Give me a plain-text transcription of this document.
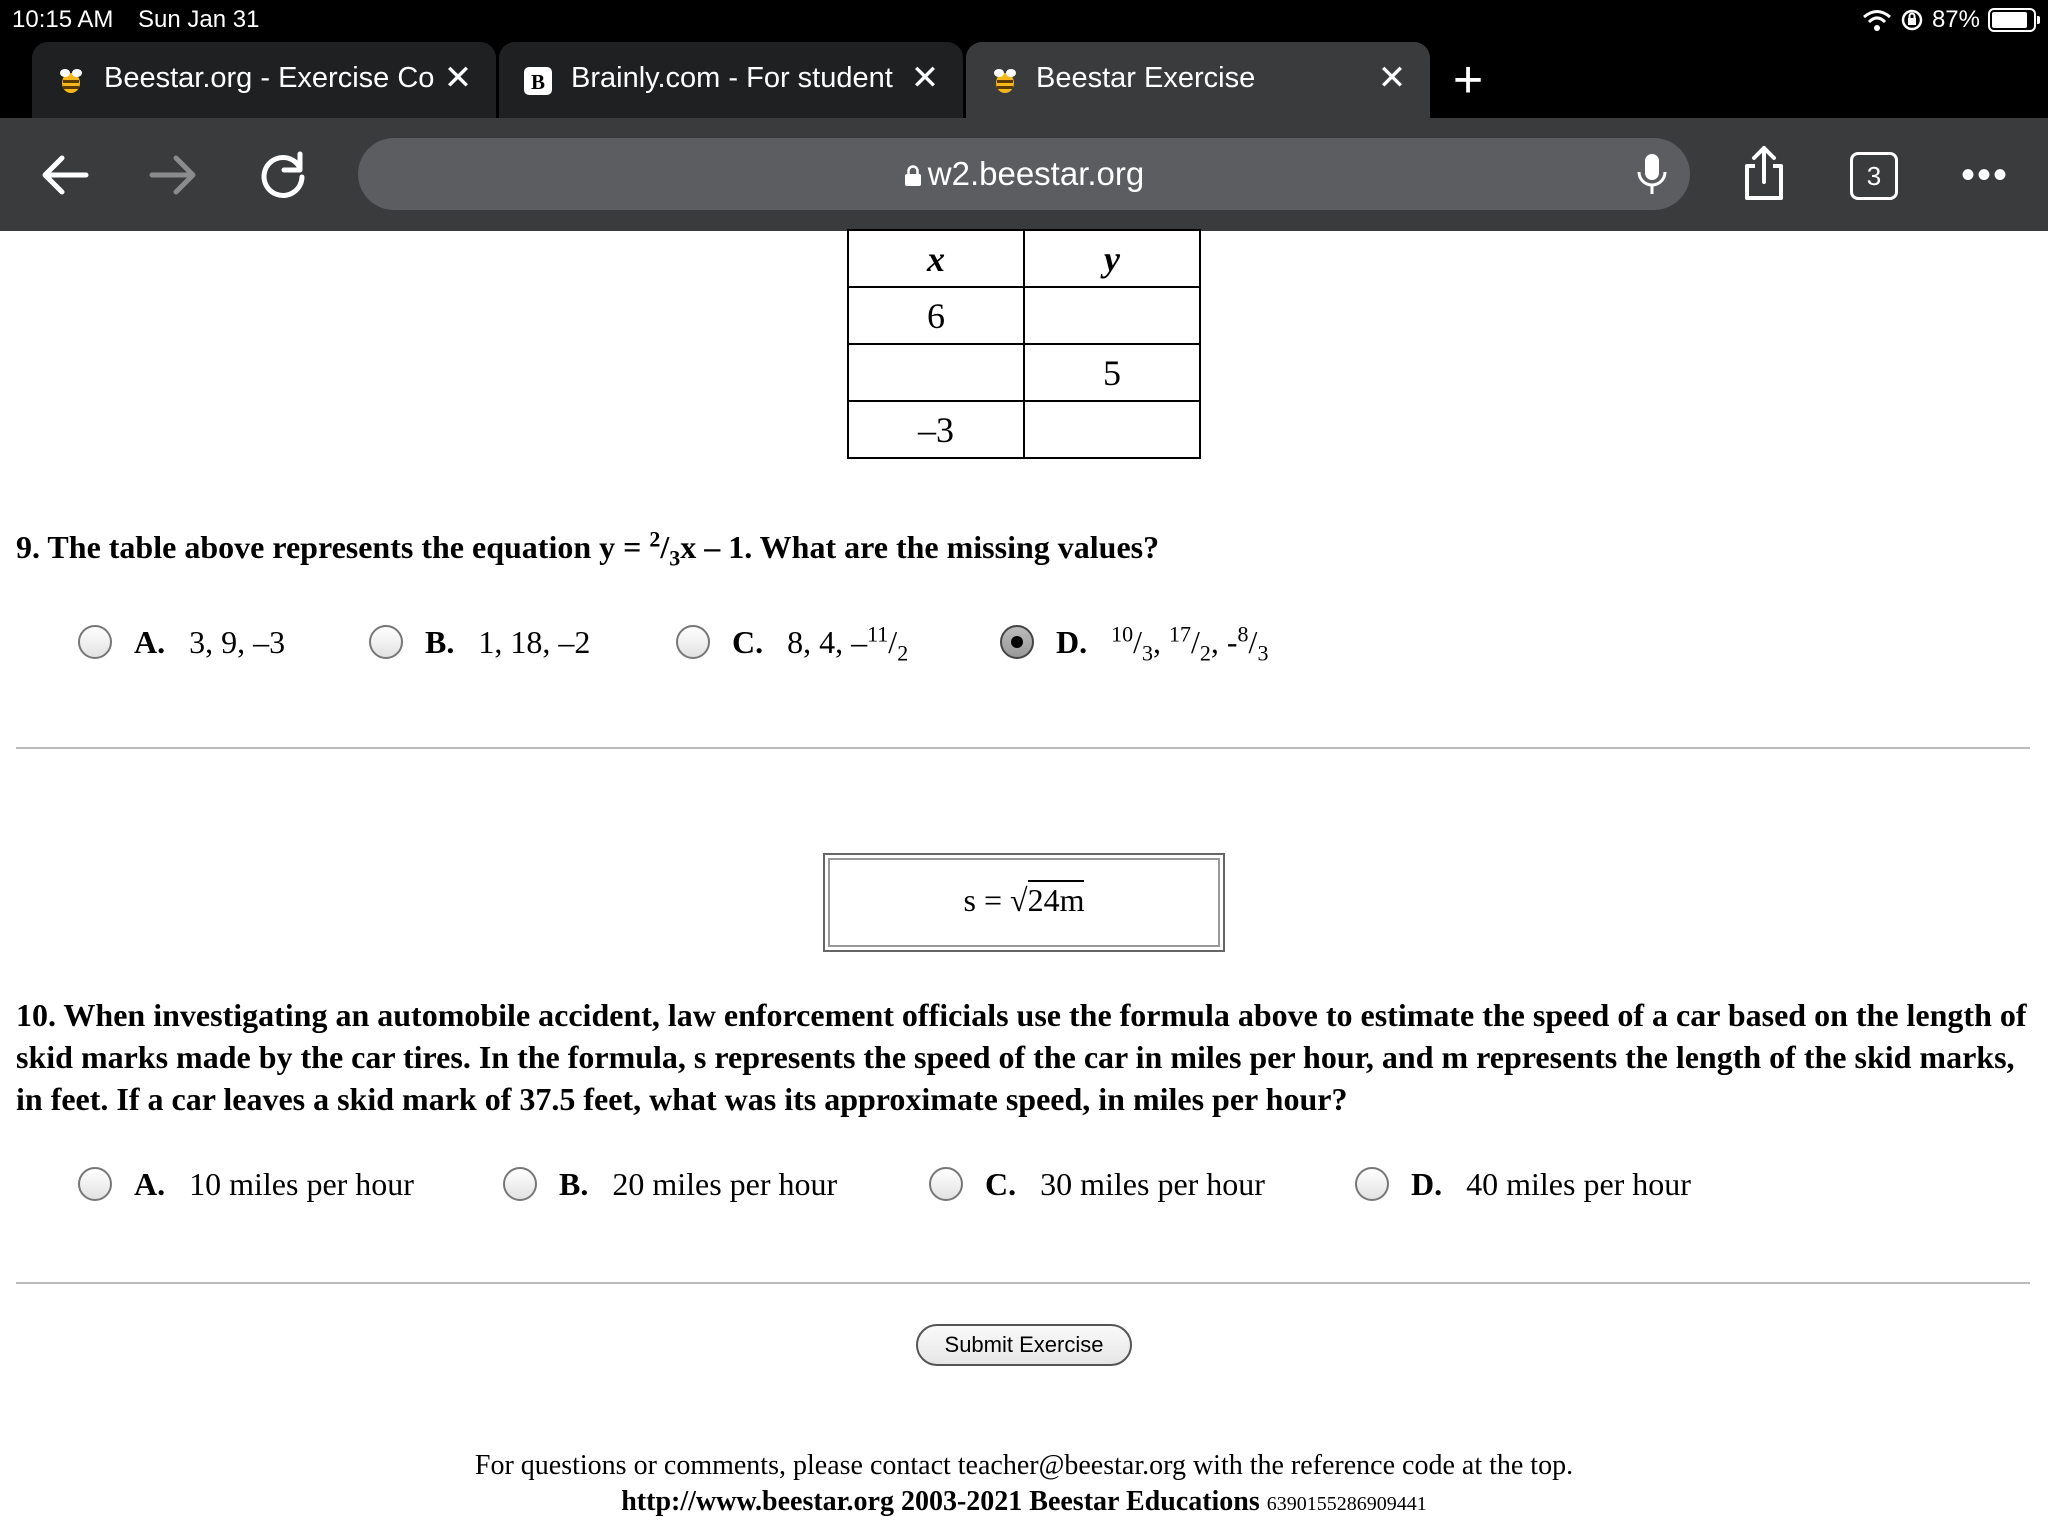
10:15 AM Sun Jan 31	87%
Beestar.org - Exercise Co ✕	B Brainly.com - For student ✕	Beestar Exercise	✕ +
w2.beestar.org	3	•••
x	y
6	
	5
–3	
9. The table above represents the equation $y = ^2/_3x - 1$. What are the missing values?
A. 3, 9, –3	B. 1, 18, –2	C. 8, 4, $-^{11}/_2$	D. $^{10}/_3$, $^{17}/_2$, $-^8/_3$
s = √24m
10. When investigating an automobile accident, law enforcement officials use the formula above to estimate the speed of a car based on the length of skid marks made by the car tires. In the formula, s represents the speed of the car in miles per hour, and m represents the length of the skid marks, in feet. If a car leaves a skid mark of 37.5 feet, what was its approximate speed, in miles per hour?
A. 10 miles per hour	B. 20 miles per hour	C. 30 miles per hour	D. 40 miles per hour
Submit Exercise
For questions or comments, please contact teacher@beestar.org with the reference code at the top.
http://www.beestar.org 2003-2021 Beestar Educations 6390155286909441
